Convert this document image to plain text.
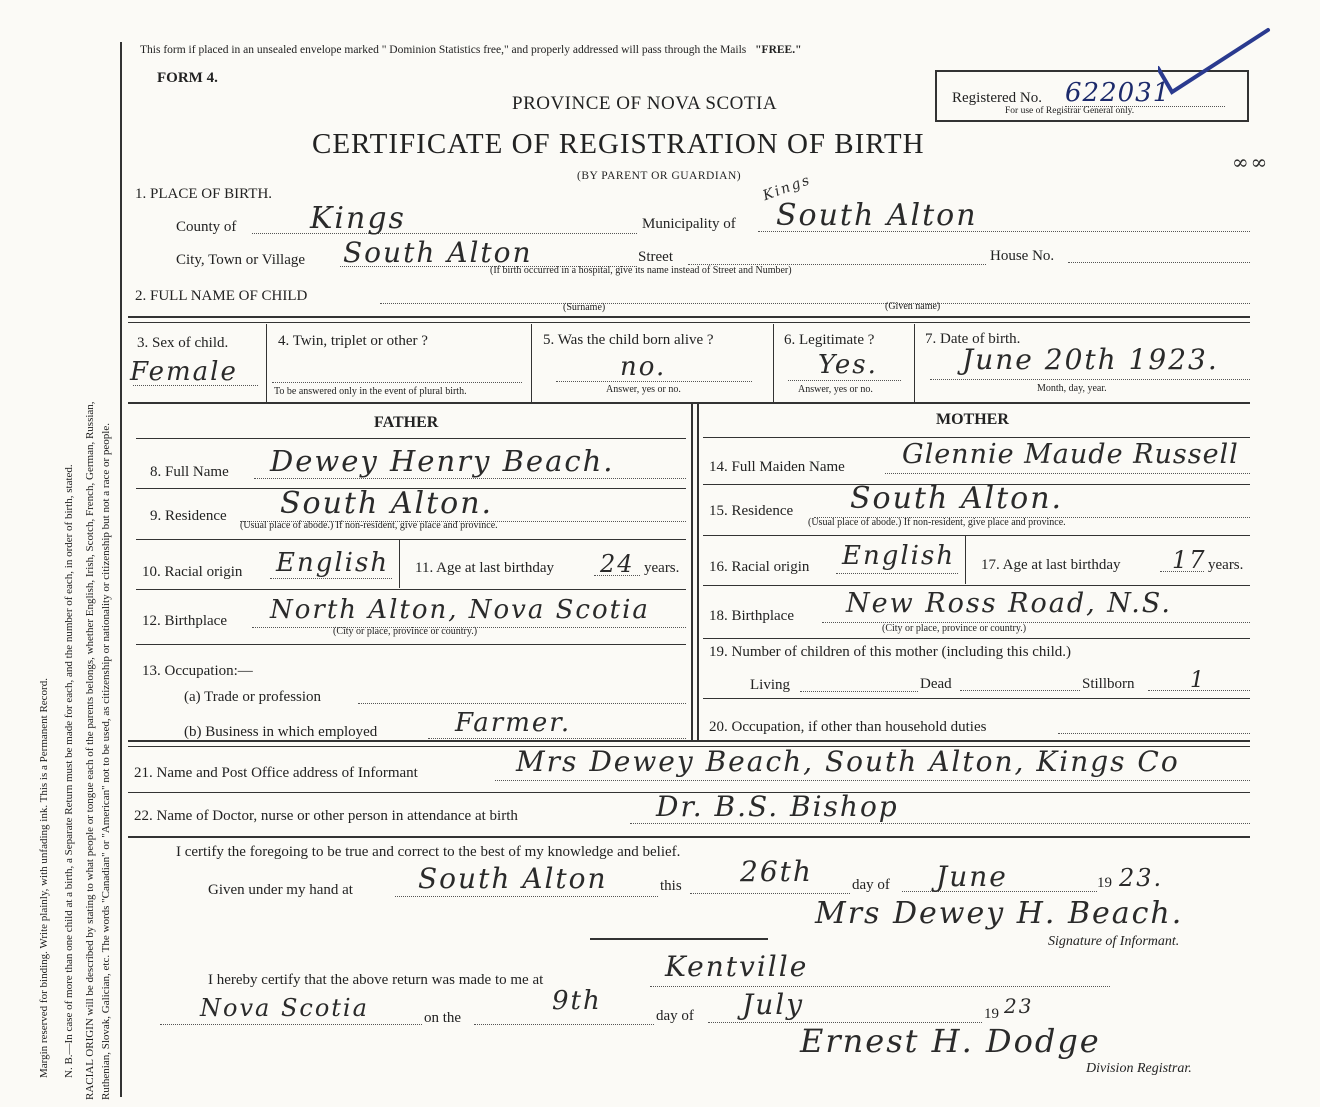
Margin reserved for binding. Write plainly, with unfading ink. This is a Permanent Record. N. B.—In case of more than one child at a birth, a Separate Return must be made for each, and the number of each, in order of birth, stated. RACIAL ORIGIN will be described by stating to what people or tongue each of the parents belongs, whether English, Irish, Scotch, French, German, Russian, Ruthenian, Slovak, Galician, etc. The words "Canadian" or "American" not to be used, as citizenship or nationality or citizenship but not a race or people.
This form if placed in an unsealed envelope marked " Dominion Statistics free," and properly addressed will pass through the Mails "FREE."
FORM 4.
PROVINCE OF NOVA SCOTIA
CERTIFICATE OF REGISTRATION OF BIRTH
(BY PARENT OR GUARDIAN)
Registered No. 622031
For use of Registrar General only.
∞∞
1. PLACE OF BIRTH.
County of Kings	Municipality of South Alton
Kings
City, Town or Village South Alton	Street	House No.
(If birth occurred in a hospital, give its name instead of Street and Number)
2. FULL NAME OF CHILD
(Surname)	(Given name)
3. Sex of child.
Female
4. Twin, triplet or other ?
To be answered only in the event of plural birth.
5. Was the child born alive ?
no.
Answer, yes or no.
6. Legitimate ?
Yes.
Answer, yes or no.
7. Date of birth.
June 20th 1923.
Month, day, year.
FATHER	MOTHER
8. Full Name Dewey Henry Beach.
9. Residence South Alton.
(Usual place of abode.) If non-resident, give place and province.
10. Racial origin English 11. Age at last birthday 24 years.
12. Birthplace North Alton, Nova Scotia
(City or place, province or country.)
13. Occupation:—
(a) Trade or profession
(b) Business in which employed	Farmer.
14. Full Maiden Name Glennie Maude Russell
15. Residence South Alton.
(Usual place of abode.) If non-resident, give place and province.
16. Racial origin English 17. Age at last birthday 17 years.
18. Birthplace New Ross Road, N.S.
(City or place, province or country.)
19. Number of children of this mother (including this child.)
Living	Dead	Stillborn	1
20. Occupation, if other than household duties
21. Name and Post Office address of Informant	Mrs Dewey Beach, South Alton, Kings Co
22. Name of Doctor, nurse or other person in attendance at birth	Dr. B.S. Bishop
I certify the foregoing to be true and correct to the best of my knowledge and belief.
Given under my hand at South Alton	this 26th	day of June	19 23.
Mrs Dewey H. Beach.
Signature of Informant.
I hereby certify that the above return was made to me at	Kentville
Nova Scotia	on the
9th	day of July	19 23
Ernest H. Dodge
Division Registrar.
